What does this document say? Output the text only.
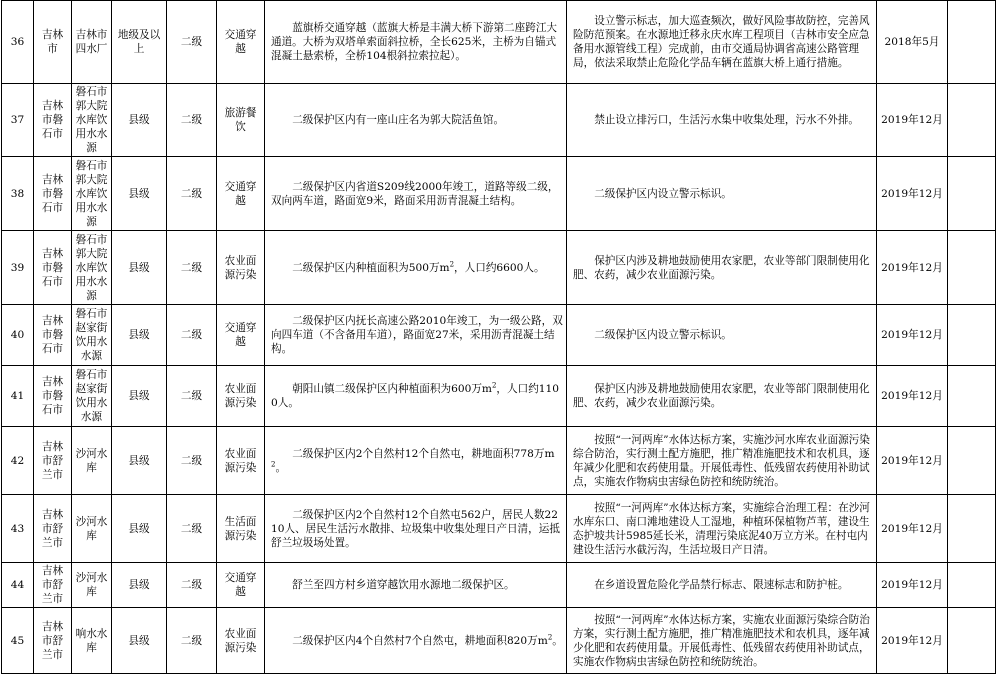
36	吉林市	吉林市四水厂	地级及以上	二级	交通穿越	蓝旗桥交通穿越（蓝旗大桥是丰满大桥下游第二座跨江大通道。大桥为双塔单索面斜拉桥，全长625米，主桥为自锚式混凝土悬索桥，全桥104根斜拉索拉起）。	设立警示标志，加大巡查频次，做好风险事故防控，完善风险防范预案。在水源地迁移永庆水库工程项目（吉林市安全应急备用水源管线工程）完成前，由市交通局协调省高速公路管理局，依法采取禁止危险化学品车辆在蓝旗大桥上通行措施。	2018年5月	
37	吉林市磐石市	磐石市郭大院水库饮用水水源	县级	二级	旅游餐饮	二级保护区内有一座山庄名为郭大院活鱼馆。	禁止设立排污口，生活污水集中收集处理，污水不外排。	2019年12月	
38	吉林市磐石市	磐石市郭大院水库饮用水水源	县级	二级	交通穿越	二级保护区内省道S209线2000年竣工，道路等级二级，双向两车道，路面宽9米，路面采用沥青混凝土结构。	二级保护区内设立警示标识。	2019年12月	
39	吉林市磐石市	磐石市郭大院水库饮用水水源	县级	二级	农业面源污染	二级保护区内种植面积为500万$m^2$，人口约6600人。	保护区内涉及耕地鼓励使用农家肥，农业等部门限制使用化肥、农药，减少农业面源污染。	2019年12月	
40	吉林市磐石市	磐石市赵家街饮用水水源	县级	二级	交通穿越	二级保护区内抚长高速公路2010年竣工，为一级公路，双向四车道（不含备用车道），路面宽27米，采用沥青混凝土结构。	二级保护区内设立警示标识。	2019年12月	
41	吉林市磐石市	磐石市赵家街饮用水水源	县级	二级	农业面源污染	朝阳山镇二级保护区内种植面积为600万$m^2$，人口约1100人。	保护区内涉及耕地鼓励使用农家肥，农业等部门限制使用化肥、农药，减少农业面源污染。	2019年12月	
42	吉林市舒兰市	沙河水库	县级	二级	农业面源污染	二级保护区内2个自然村12个自然屯，耕地面积778万$m^2$。	按照“一河两库”水体达标方案，实施沙河水库农业面源污染综合防治，实行测土配方施肥，推广精准施肥技术和农机具，逐年减少化肥和农药使用量。开展低毒性、低残留农药使用补助试点，实施农作物病虫害绿色防控和统防统治。	2019年12月	
43	吉林市舒兰市	沙河水库	县级	二级	生活面源污染	二级保护区内2个自然村12个自然屯562户，居民人数2210人、居民生活污水散排、垃圾集中收集处理日产日清，运抵舒兰垃圾场处置。	按照“一河两库”水体达标方案，实施综合治理工程：在沙河水库东口、南口滩地建设人工湿地，种植环保植物芦苇，建设生态护坡共计5985延长米，清理污染底泥40万立方米。在村屯内建设生活污水截污沟，生活垃圾日产日清。	2019年12月	
44	吉林市舒兰市	沙河水库	县级	二级	交通穿越	舒兰至四方村乡道穿越饮用水源地二级保护区。	在乡道设置危险化学品禁行标志、限速标志和防护桩。	2019年12月	
45	吉林市舒兰市	响水水库	县级	二级	农业面源污染	二级保护区内4个自然村7个自然屯，耕地面积820万$m^2$。	按照“一河两库”水体达标方案，实施农业面源污染综合防治方案，实行测土配方施肥，推广精准施肥技术和农机具，逐年减少化肥和农药使用量。开展低毒性、低残留农药使用补助试点，实施农作物病虫害绿色防控和统防统治。	2019年12月	
